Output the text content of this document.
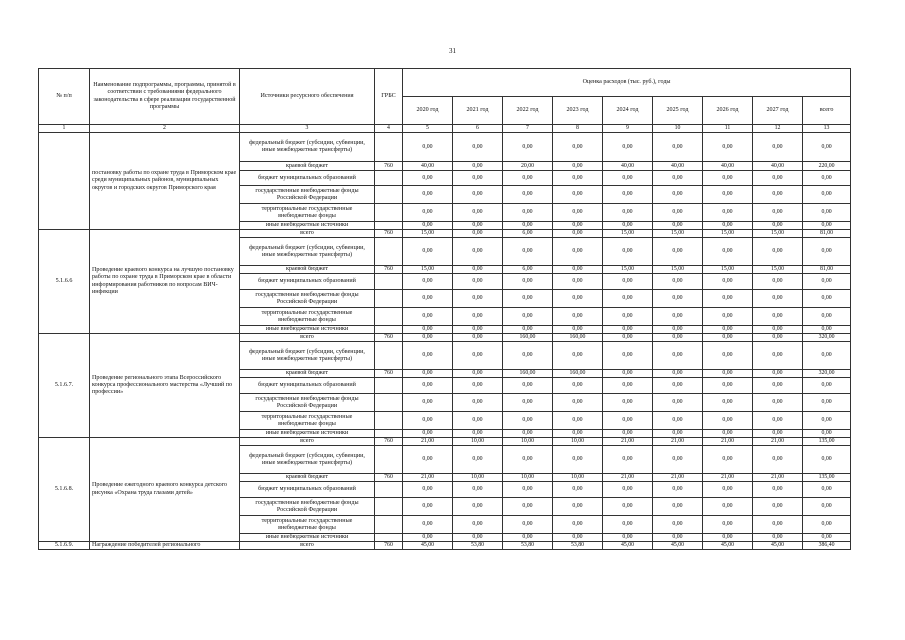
31
№ п/п	Наименование подпрограммы, программы, принятой в соответствии с требованиями федерального законодательства в сфере реализации государственной программы	Источники ресурсного обеспечения	ГРБС	Оценка расходов (тыс. руб.), годы								
				2020 год	2021 год	2022 год	2023 год	2024 год	2025 год	2026 год	2027 год	всего
1	2	3	4	5	6	7	8	9	10	11	12	13
	постановку работы по охране труда в Приморском крае среди муниципальных районов, муниципальных округов и городских округов Приморского края	федеральный бюджет (субсидии, субвенции, иные межбюджетные трансферты)		0,00	0,00	0,00	0,00	0,00	0,00	0,00	0,00	0,00
		краевой бюджет	760	40,00	0,00	20,00	0,00	40,00	40,00	40,00	40,00	220,00
		бюджет муниципальных образований		0,00	0,00	0,00	0,00	0,00	0,00	0,00	0,00	0,00
		государственные внебюджетные фонды Российской Федерации		0,00	0,00	0,00	0,00	0,00	0,00	0,00	0,00	0,00
		территориальные государственные внебюджетные фонды		0,00	0,00	0,00	0,00	0,00	0,00	0,00	0,00	0,00
		иные внебюджетные источники		0,00	0,00	0,00	0,00	0,00	0,00	0,00	0,00	0,00
5.1.6.6	Проведение краевого конкурса на лучшую постановку работы по охране труда в Приморском крае в области информирования работников по вопросам ВИЧ-инфекции	всего	760	15,00	0,00	6,00	0,00	15,00	15,00	15,00	15,00	81,00
		федеральный бюджет (субсидии, субвенции, иные межбюджетные трансферты)		0,00	0,00	0,00	0,00	0,00	0,00	0,00	0,00	0,00
		краевой бюджет	760	15,00	0,00	6,00	0,00	15,00	15,00	15,00	15,00	81,00
		бюджет муниципальных образований		0,00	0,00	0,00	0,00	0,00	0,00	0,00	0,00	0,00
		государственные внебюджетные фонды Российской Федерации		0,00	0,00	0,00	0,00	0,00	0,00	0,00	0,00	0,00
		территориальные государственные внебюджетные фонды		0,00	0,00	0,00	0,00	0,00	0,00	0,00	0,00	0,00
		иные внебюджетные источники		0,00	0,00	0,00	0,00	0,00	0,00	0,00	0,00	0,00
5.1.6.7.	Проведение регионального этапа Всероссийского конкурса профессионального мастерства «Лучший по профессии»	всего	760	0,00	0,00	160,00	160,00	0,00	0,00	0,00	0,00	320,00
		федеральный бюджет (субсидии, субвенции, иные межбюджетные трансферты)		0,00	0,00	0,00	0,00	0,00	0,00	0,00	0,00	0,00
		краевой бюджет	760	0,00	0,00	160,00	160,00	0,00	0,00	0,00	0,00	320,00
		бюджет муниципальных образований		0,00	0,00	0,00	0,00	0,00	0,00	0,00	0,00	0,00
		государственные внебюджетные фонды Российской Федерации		0,00	0,00	0,00	0,00	0,00	0,00	0,00	0,00	0,00
		территориальные государственные внебюджетные фонды		0,00	0,00	0,00	0,00	0,00	0,00	0,00	0,00	0,00
		иные внебюджетные источники		0,00	0,00	0,00	0,00	0,00	0,00	0,00	0,00	0,00
5.1.6.8.	Проведение ежегодного краевого конкурса детского рисунка «Охрана труда глазами детей»	всего	760	21,00	10,00	10,00	10,00	21,00	21,00	21,00	21,00	135,00
		федеральный бюджет (субсидии, субвенции, иные межбюджетные трансферты)		0,00	0,00	0,00	0,00	0,00	0,00	0,00	0,00	0,00
		краевой бюджет	760	21,00	10,00	10,00	10,00	21,00	21,00	21,00	21,00	135,00
		бюджет муниципальных образований		0,00	0,00	0,00	0,00	0,00	0,00	0,00	0,00	0,00
		государственные внебюджетные фонды Российской Федерации		0,00	0,00	0,00	0,00	0,00	0,00	0,00	0,00	0,00
		территориальные государственные внебюджетные фонды		0,00	0,00	0,00	0,00	0,00	0,00	0,00	0,00	0,00
		иные внебюджетные источники		0,00	0,00	0,00	0,00	0,00	0,00	0,00	0,00	0,00
5.1.6.9.	Награждение победителей регионального	всего	760	45,00	53,80	53,80	53,80	45,00	45,00	45,00	45,00	386,40
